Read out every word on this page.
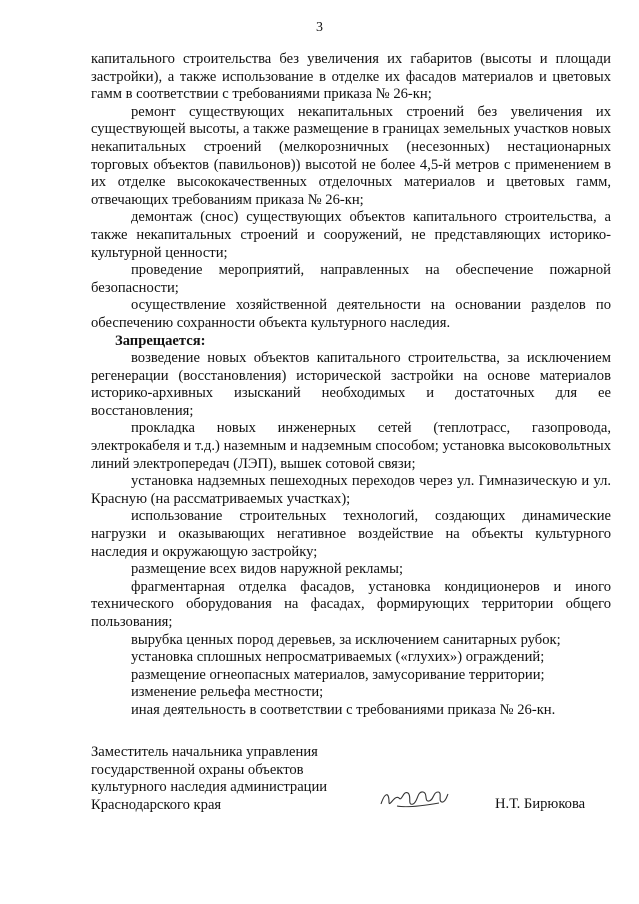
3

капитального строительства без увеличения их габаритов (высоты и площади застройки), а также использование в отделке их фасадов материалов и цветовых гамм в соответствии с требованиями приказа № 26-кн;

ремонт существующих некапитальных строений без увеличения их существующей высоты, а также размещение в границах земельных участков новых некапитальных строений (мелкорозничных (несезонных) нестационарных торговых объектов (павильонов)) высотой не более 4,5-й метров с применением в их отделке высококачественных отделочных материалов и цветовых гамм, отвечающих требованиям приказа № 26-кн;

демонтаж (снос) существующих объектов капитального строительства, а также некапитальных строений и сооружений, не представляющих историко-культурной ценности;

проведение мероприятий, направленных на обеспечение пожарной безопасности;

осуществление хозяйственной деятельности на основании разделов по обеспечению сохранности объекта культурного наследия.

Запрещается:

возведение новых объектов капитального строительства, за исключением регенерации (восстановления) исторической застройки на основе материалов историко-архивных изысканий необходимых и достаточных для ее восстановления;

прокладка новых инженерных сетей (теплотрасс, газопровода, электрокабеля и т.д.) наземным и надземным способом; установка высоковольтных линий электропередач (ЛЭП), вышек сотовой связи;

установка надземных пешеходных переходов через ул. Гимназическую и ул. Красную (на рассматриваемых участках);

использование строительных технологий, создающих динамические нагрузки и оказывающих негативное воздействие на объекты культурного наследия и окружающую застройку;

размещение всех видов наружной рекламы;

фрагментарная отделка фасадов, установка кондиционеров и иного технического оборудования на фасадах, формирующих территории общего пользования;

вырубка ценных пород деревьев, за исключением санитарных рубок;

установка сплошных непросматриваемых («глухих») ограждений;

размещение огнеопасных материалов, замусоривание территории;

изменение рельефа местности;

иная деятельность в соответствии с требованиями приказа № 26-кн.

Заместитель начальника управления
государственной охраны объектов
культурного наследия администрации
Краснодарского края	Н.Т. Бирюкова
